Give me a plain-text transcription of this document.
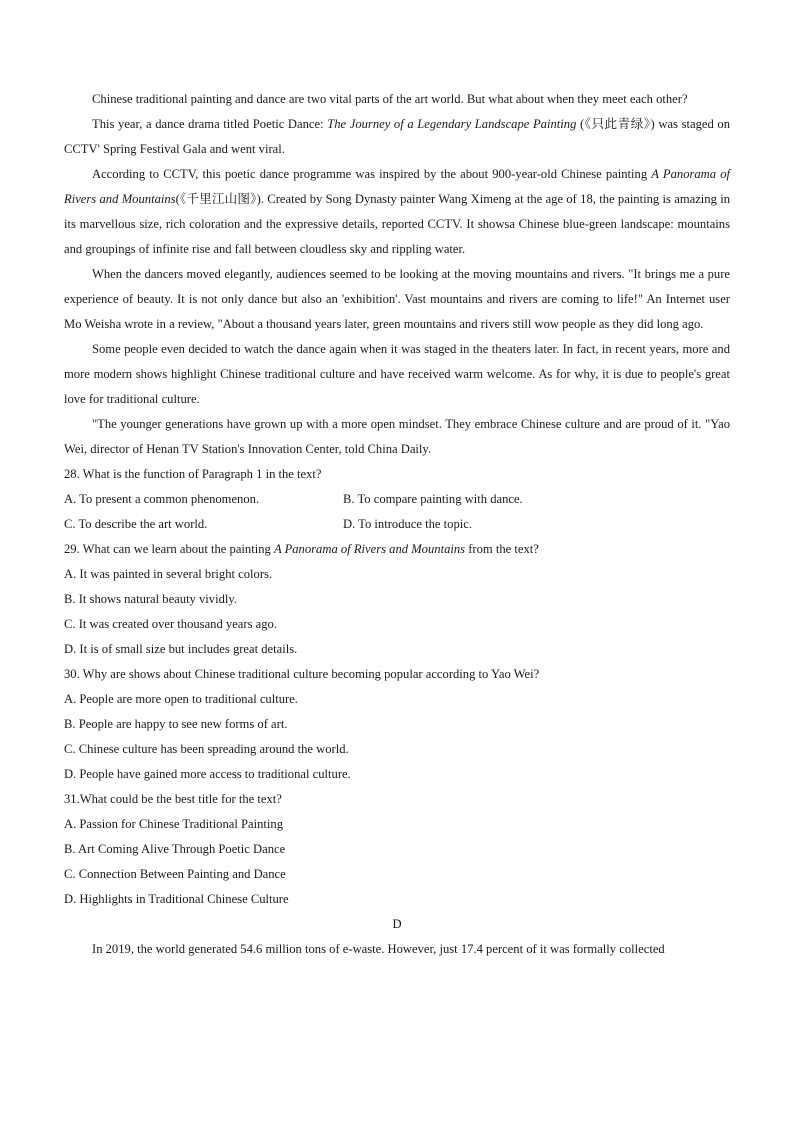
Chinese traditional painting and dance are two vital parts of the art world. But what about when they meet each other?

This year, a dance drama titled Poetic Dance: The Journey of a Legendary Landscape Painting (《只此青绿》) was staged on CCTV' Spring Festival Gala and went viral.

According to CCTV, this poetic dance programme was inspired by the about 900-year-old Chinese painting A Panorama of Rivers and Mountains(《千里江山图》). Created by Song Dynasty painter Wang Ximeng at the age of 18, the painting is amazing in its marvellous size, rich coloration and the expressive details, reported CCTV. It showsa Chinese blue-green landscape: mountains and groupings of infinite rise and fall between cloudless sky and rippling water.

When the dancers moved elegantly, audiences seemed to be looking at the moving mountains and rivers. "It brings me a pure experience of beauty. It is not only dance but also an 'exhibition'. Vast mountains and rivers are coming to life!" An Internet user Mo Weisha wrote in a review, "About a thousand years later, green mountains and rivers still wow people as they did long ago.

Some people even decided to watch the dance again when it was staged in the theaters later. In fact, in recent years, more and more modern shows highlight Chinese traditional culture and have received warm welcome. As for why, it is due to people's great love for traditional culture.

"The younger generations have grown up with a more open mindset. They embrace Chinese culture and are proud of it. "Yao Wei, director of Henan TV Station's Innovation Center, told China Daily.

28. What is the function of Paragraph 1 in the text?

A. To present a common phenomenon.	B. To compare painting with dance.
C. To describe the art world.	D. To introduce the topic.

29. What can we learn about the painting A Panorama of Rivers and Mountains from the text?

A. It was painted in several bright colors.

B. It shows natural beauty vividly.

C. It was created over thousand years ago.

D. It is of small size but includes great details.

30. Why are shows about Chinese traditional culture becoming popular according to Yao Wei?

A. People are more open to traditional culture.

B. People are happy to see new forms of art.

C. Chinese culture has been spreading around the world.

D. People have gained more access to traditional culture.

31.What could be the best title for the text?

A. Passion for Chinese Traditional Painting

B. Art Coming Alive Through Poetic Dance

C. Connection Between Painting and Dance

D. Highlights in Traditional Chinese Culture

D

In 2019, the world generated 54.6 million tons of e-waste. However, just 17.4 percent of it was formally collected
